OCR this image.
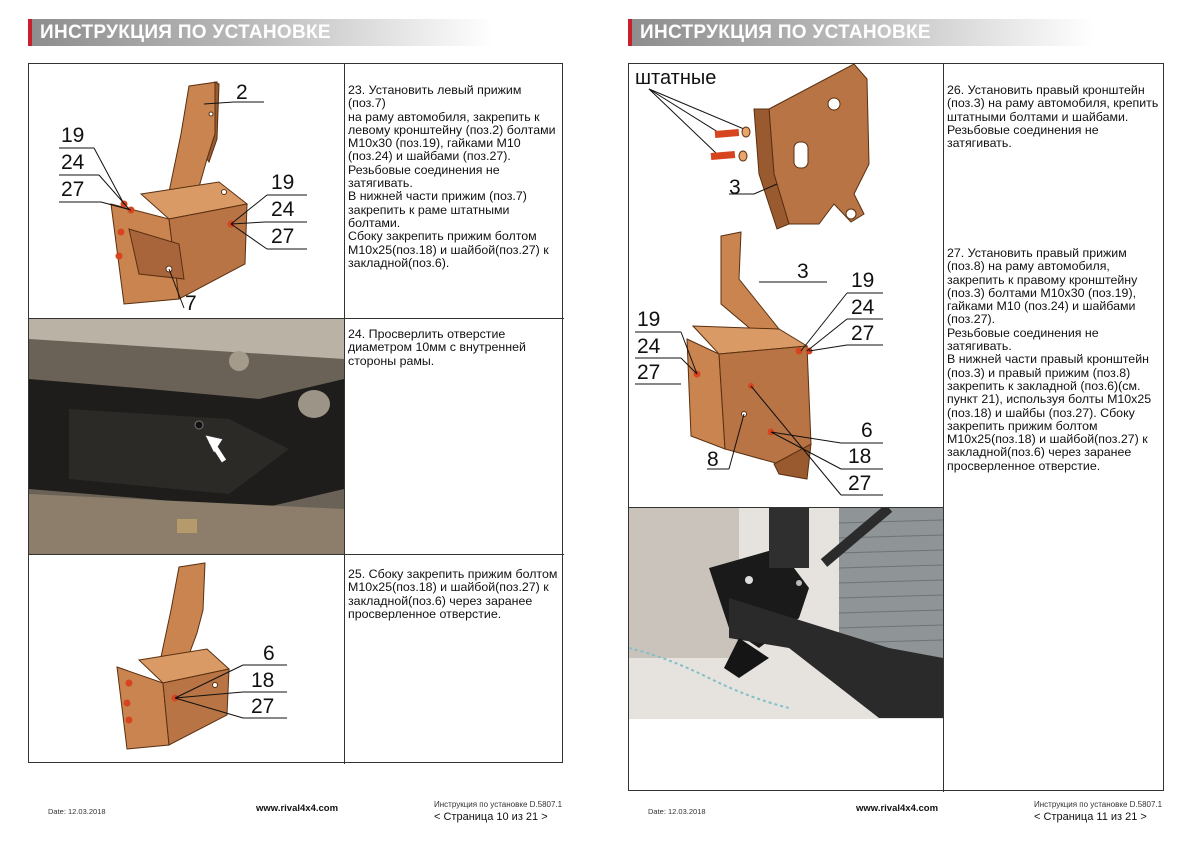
ИНСТРУКЦИЯ ПО УСТАНОВКЕ
2
19
24
27	19
24
27
7
23. Установить левый прижим (поз.7)
на раму автомобиля, закрепить к
левому кронштейну (поз.2) болтами
М10х30 (поз.19), гайками М10
(поз.24) и шайбами (поз.27).
Резьбовые соединения не затягивать.
В нижней части прижим (поз.7)
закрепить к раме штатными болтами.
Сбоку закрепить прижим болтом
М10х25(поз.18) и шайбой(поз.27) к
закладной(поз.6).
24. Просверлить отверстие
диаметром 10мм с внутренней
стороны рамы.
6
18
27
25. Сбоку закрепить прижим болтом
М10х25(поз.18) и шайбой(поз.27) к
закладной(поз.6) через заранее
просверленное отверстие.
Date: 12.03.2018	www.rival4x4.com	Инструкция по установке D.5807.1
< Страница 10 из 21 >
ИНСТРУКЦИЯ ПО УСТАНОВКЕ
штатные
3
3 19
24
27
19
24
27
6
18
27
8
26. Установить правый кронштейн
(поз.3) на раму автомобиля, крепить
штатными болтами и шайбами.
Резьбовые соединения не затягивать.
27. Установить правый прижим
(поз.8) на раму автомобиля,
закрепить к правому кронштейну
(поз.3) болтами М10х30 (поз.19),
гайками М10 (поз.24) и шайбами
(поз.27).
Резьбовые соединения не затягивать.
В нижней части правый кронштейн
(поз.3) и правый прижим (поз.8)
закрепить к закладной (поз.6)(см.
пункт 21), используя болты М10х25
(поз.18) и шайбы (поз.27). Сбоку
закрепить прижим болтом
М10х25(поз.18) и шайбой(поз.27) к
закладной(поз.6) через заранее
просверленное отверстие.
Date: 12.03.2018	www.rival4x4.com	Инструкция по установке D.5807.1
< Страница 11 из 21 >
